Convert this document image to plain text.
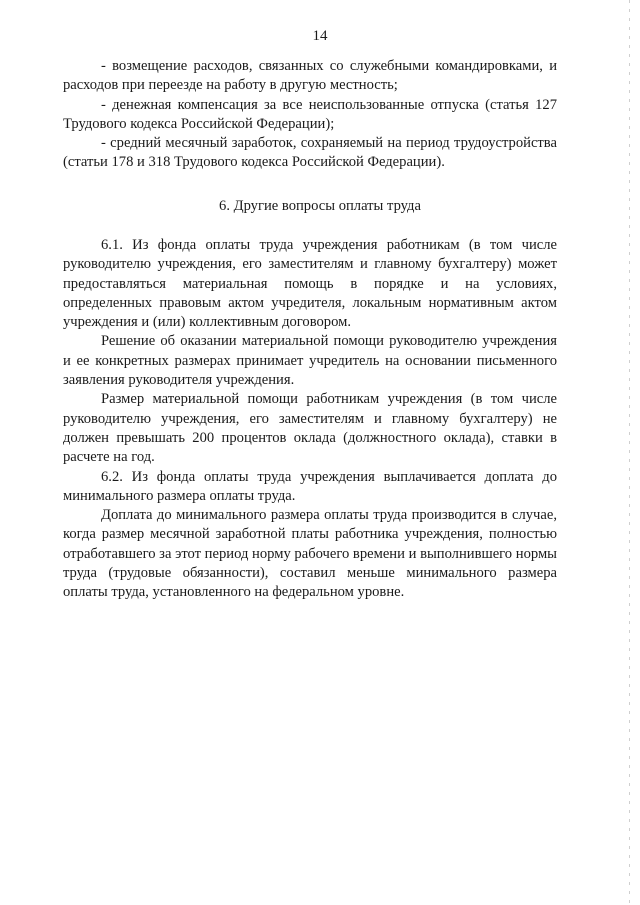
14

- возмещение расходов, связанных со служебными командировками, и расходов при переезде на работу в другую местность;

- денежная компенсация за все неиспользованные отпуска (статья 127 Трудового кодекса Российской Федерации);

- средний месячный заработок, сохраняемый на период трудоустройства (статьи 178 и 318 Трудового кодекса Российской Федерации).

6. Другие вопросы оплаты труда

6.1. Из фонда оплаты труда учреждения работникам (в том числе руководителю учреждения, его заместителям и главному бухгалтеру) может предоставляться материальная помощь в порядке и на условиях, определенных правовым актом учредителя, локальным нормативным актом учреждения и (или) коллективным договором.

Решение об оказании материальной помощи руководителю учреждения и ее конкретных размерах принимает учредитель на основании письменного заявления руководителя учреждения.

Размер материальной помощи работникам учреждения (в том числе руководителю учреждения, его заместителям и главному бухгалтеру) не должен превышать 200 процентов оклада (должностного оклада), ставки в расчете на год.

6.2. Из фонда оплаты труда учреждения выплачивается доплата до минимального размера оплаты труда.

Доплата до минимального размера оплаты труда производится в случае, когда размер месячной заработной платы работника учреждения, полностью отработавшего за этот период норму рабочего времени и выполнившего нормы труда (трудовые обязанности), составил меньше минимального размера оплаты труда, установленного на федеральном уровне.
